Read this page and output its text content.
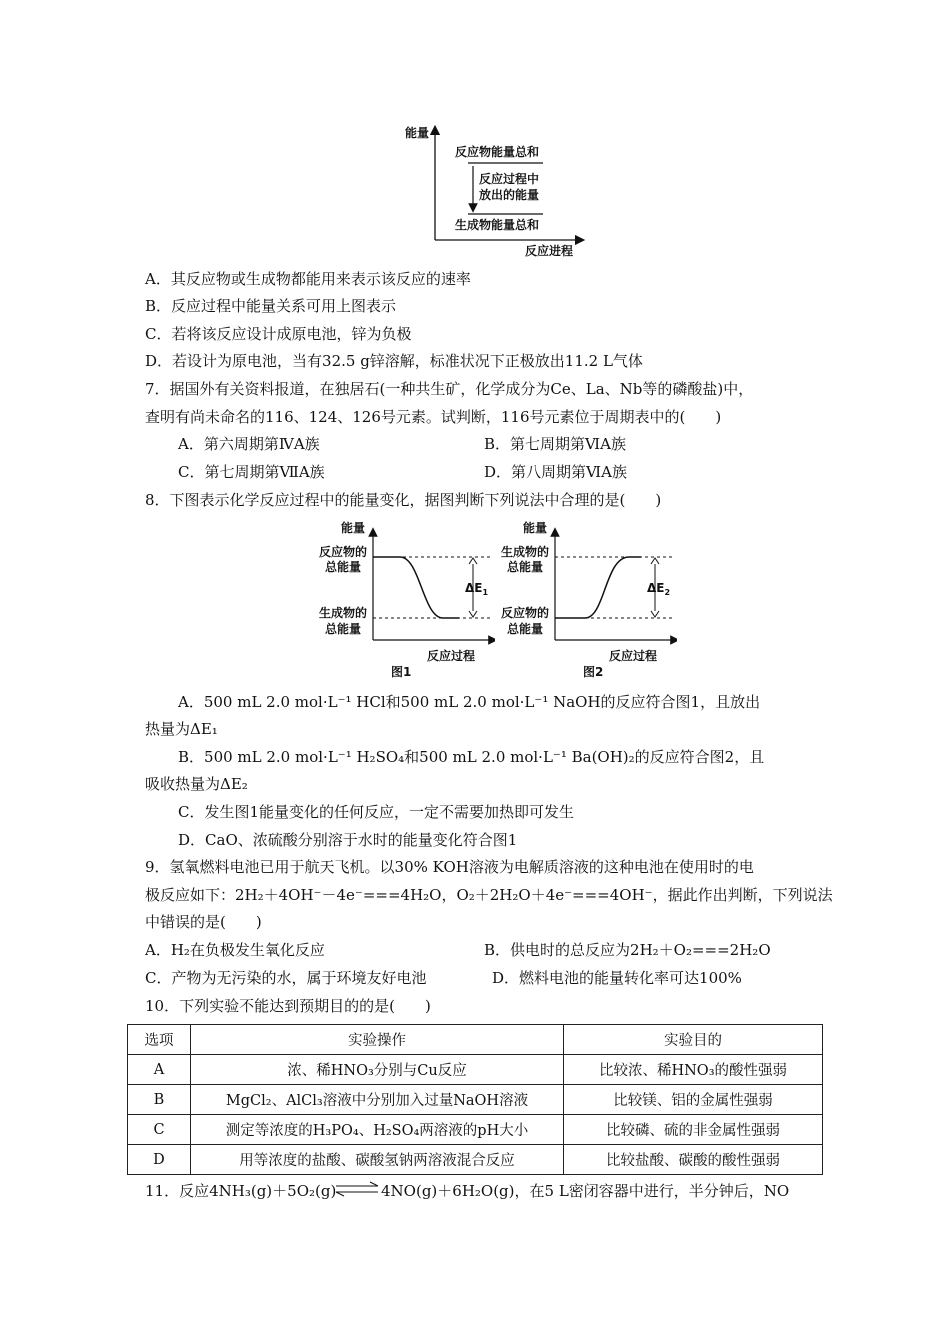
能量
反应物能量总和
反应过程中
放出的能量
生成物能量总和
反应进程
A．其反应物或生成物都能用来表示该反应的速率
B．反应过程中能量关系可用上图表示
C．若将该反应设计成原电池，锌为负极
D．若设计为原电池，当有32.5 g锌溶解，标准状况下正极放出11.2 L气体
7．据国外有关资料报道，在独居石(一种共生矿，化学成分为Ce、La、Nb等的磷酸盐)中，
查明有尚未命名的116、124、126号元素。试判断，116号元素位于周期表中的(　　)
A．第六周期第ⅣA族	B．第七周期第ⅥA族
C．第七周期第ⅦA族	D．第八周期第ⅥA族
8．下图表示化学反应过程中的能量变化，据图判断下列说法中合理的是(　　)
能量
反应物的
总能量
生成物的
总能量
$\Delta E_1$
反应过程
图1
能量
生成物的
总能量
反应物的
总能量
$\Delta E_2$
反应过程
图2
A．500 mL 2.0 mol·L⁻¹ HCl和500 mL 2.0 mol·L⁻¹ NaOH的反应符合图1，且放出
热量为ΔE₁
B．500 mL 2.0 mol·L⁻¹ H₂SO₄和500 mL 2.0 mol·L⁻¹ Ba(OH)₂的反应符合图2，且
吸收热量为ΔE₂
C．发生图1能量变化的任何反应，一定不需要加热即可发生
D．CaO、浓硫酸分别溶于水时的能量变化符合图1
9．氢氧燃料电池已用于航天飞机。以30% KOH溶液为电解质溶液的这种电池在使用时的电
极反应如下：2H₂＋4OH⁻－4e⁻===4H₂O，O₂＋2H₂O＋4e⁻===4OH⁻，据此作出判断，下列说法
中错误的是(　　)
A．H₂在负极发生氧化反应	B．供电时的总反应为2H₂＋O₂===2H₂O
C．产物为无污染的水，属于环境友好电池	D．燃料电池的能量转化率可达100%
10．下列实验不能达到预期目的的是(　　)
选项	实验操作	实验目的
A	浓、稀HNO₃分别与Cu反应	比较浓、稀HNO₃的酸性强弱
B	MgCl₂、AlCl₃溶液中分别加入过量NaOH溶液	比较镁、铝的金属性强弱
C	测定等浓度的H₃PO₄、H₂SO₄两溶液的pH大小	比较磷、硫的非金属性强弱
D	用等浓度的盐酸、碳酸氢钠两溶液混合反应	比较盐酸、碳酸的酸性强弱
11．反应4NH₃(g)＋5O₂(g) ⇌ 4NO(g)＋6H₂O(g)，在5 L密闭容器中进行，半分钟后，NO
